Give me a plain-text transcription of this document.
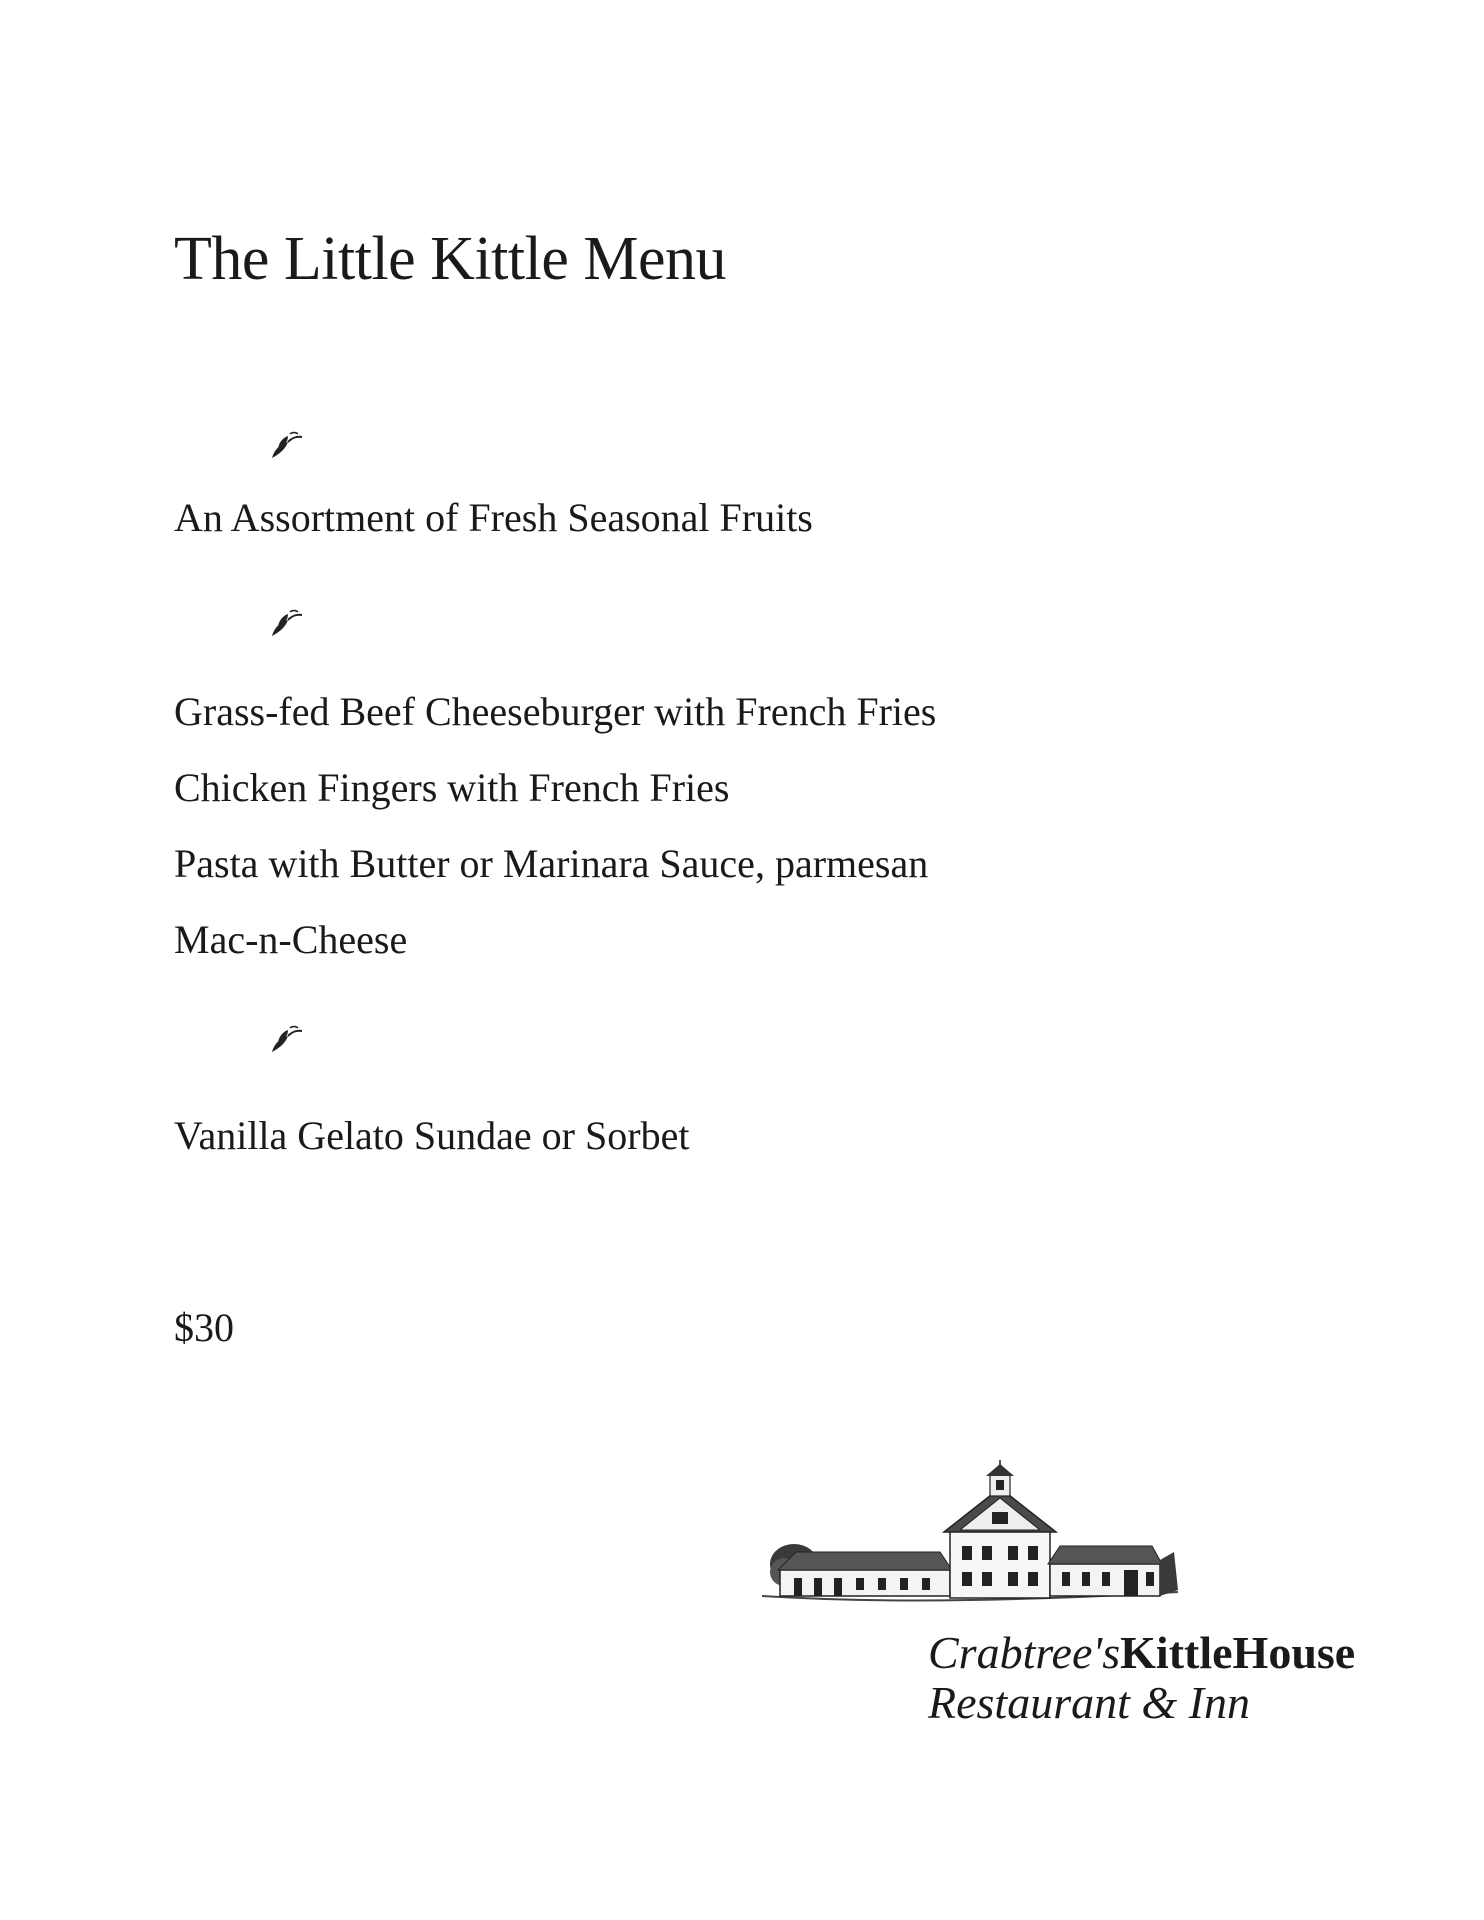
The Little Kittle Menu

An Assortment of Fresh Seasonal Fruits

Grass-fed Beef Cheeseburger with French Fries

Chicken Fingers with French Fries

Pasta with Butter or Marinara Sauce, parmesan

Mac-n-Cheese

Vanilla Gelato Sundae or Sorbet

$30

Crabtree'sKittleHouse
Restaurant & Inn
